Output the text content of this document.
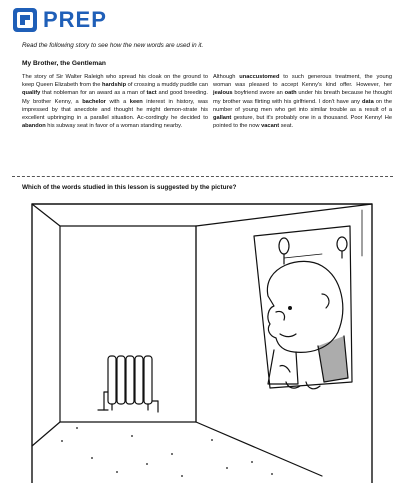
PREP

Read the following story to see how the new words are used in it.

My Brother, the Gentleman

The story of Sir Walter Raleigh who spread his cloak on the ground to keep Queen Elizabeth from the hardship of crossing a muddy puddle can qualify that nobleman for an award as a man of tact and good breeding. My brother Kenny, a bachelor with a keen interest in history, was impressed by that anecdote and thought he might demon-strate his excellent upbringing in a parallel situation. Ac-cordingly he decided to abandon his subway seat in favor of a woman standing nearby.

Although unaccustomed to such generous treatment, the young woman was pleased to accept Kenny's kind offer. However, her jealous boyfriend swore an oath under his breath because he thought my brother was flirting with his girlfriend. I don't have any data on the number of young men who get into similar trouble as a result of a gallant gesture, but it's probably one in a thousand. Poor Kenny! He pointed to the now vacant seat.

Which of the words studied in this lesson is suggested by the picture?
